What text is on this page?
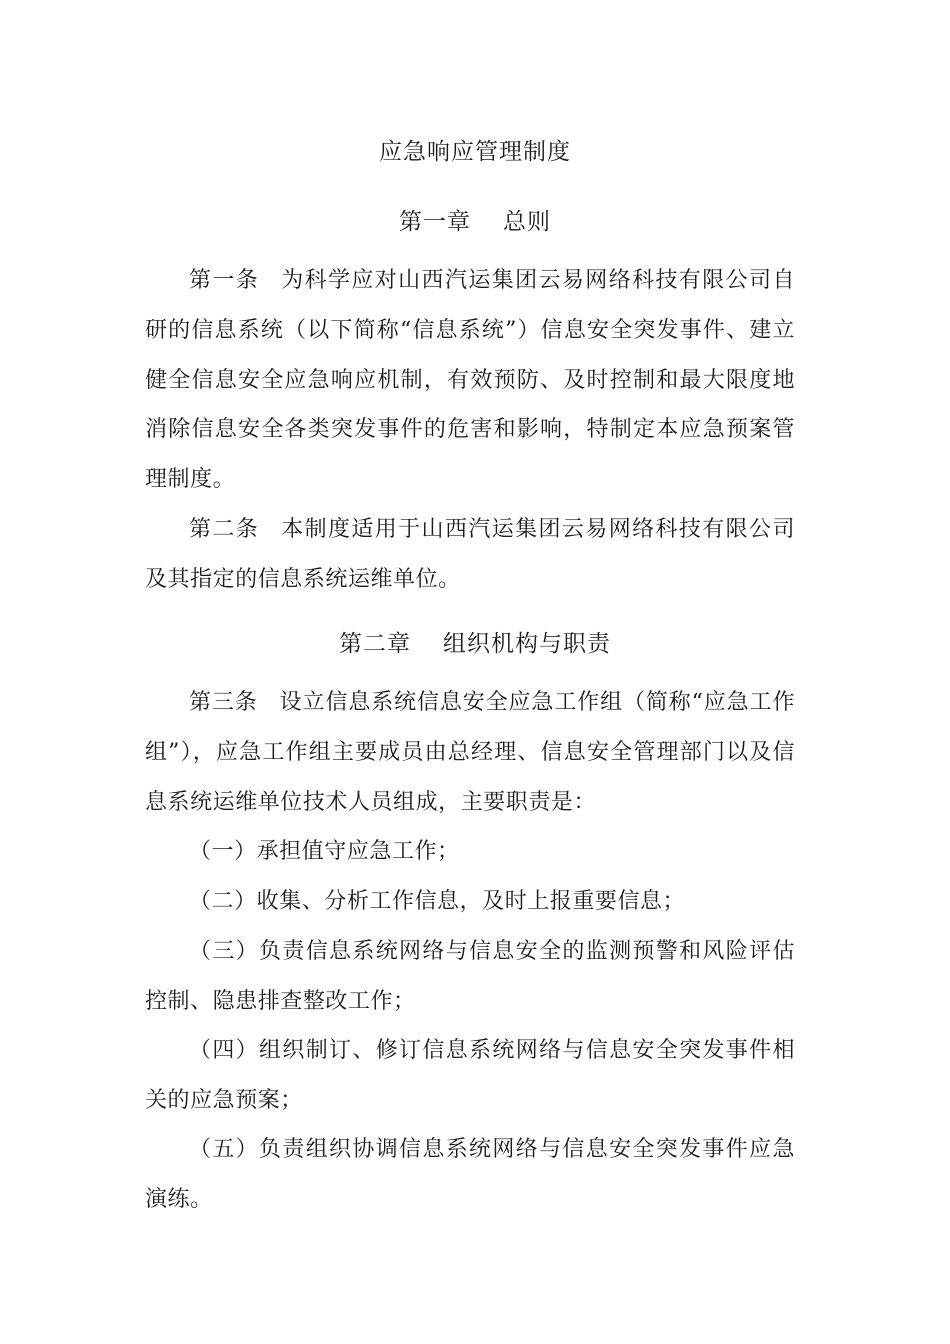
应急响应管理制度
第一章 总则
第一条 为科学应对山西汽运集团云易网络科技有限公司自研的信息系统（以下简称“信息系统”）信息安全突发事件、建立健全信息安全应急响应机制，有效预防、及时控制和最大限度地消除信息安全各类突发事件的危害和影响，特制定本应急预案管理制度。
第二条 本制度适用于山西汽运集团云易网络科技有限公司及其指定的信息系统运维单位。
第二章 组织机构与职责
第三条 设立信息系统信息安全应急工作组（简称“应急工作组”），应急工作组主要成员由总经理、信息安全管理部门以及信息系统运维单位技术人员组成，主要职责是：
（一）承担值守应急工作；
（二）收集、分析工作信息，及时上报重要信息；
（三）负责信息系统网络与信息安全的监测预警和风险评估控制、隐患排查整改工作；
（四）组织制订、修订信息系统网络与信息安全突发事件相关的应急预案；
（五）负责组织协调信息系统网络与信息安全突发事件应急演练。
